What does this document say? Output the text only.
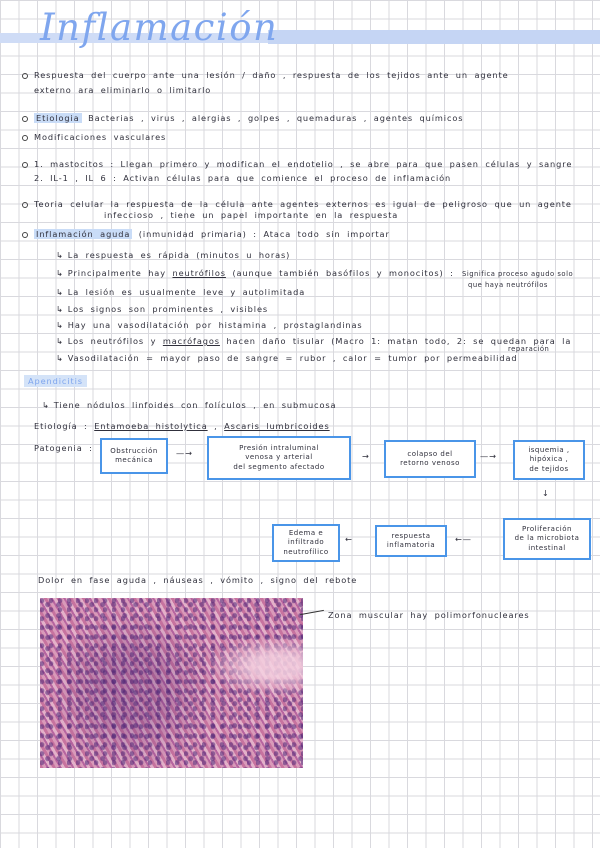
Inflamación
Respuesta del cuerpo ante una lesión / daño , respuesta de los tejidos ante un agente
externo ara eliminarlo o limitarlo
Etiologia Bacterias , virus , alergias , golpes , quemaduras , agentes químicos
Modificaciones vasculares
1. mastocitos : Llegan primero y modifican el endotelio , se abre para que pasen células y sangre
2. IL-1 , IL 6 : Activan células para que comience el proceso de inflamación
Teoria celular la respuesta de la célula ante agentes externos es igual de peligroso que un agente
infeccioso , tiene un papel importante en la respuesta
Inflamación aguda (inmunidad primaria) : Ataca todo sin importar
↳ La respuesta es rápida (minutos u horas)
↳ Principalmente hay neutrófilos (aunque también basófilos y monocitos) : Significa proceso agudo solo
que haya neutrófilos
↳ La lesión es usualmente leve y autolimitada
↳ Los signos son prominentes , visibles
↳ Hay una vasodilatación por histamina , prostaglandinas
↳ Los neutrófilos y macrófagos hacen daño tisular (Macro 1: matan todo, 2: se quedan para la
reparación
↳ Vasodilatación = mayor paso de sangre = rubor , calor = tumor por permeabilidad
Apendicitis
↳ Tiene nódulos linfoides con folículos , en submucosa
Etiología : Entamoeba histolytica , Ascaris lumbricoides
Patogenia : Obstrucción
mecánica
—→
Presión intraluminal
venosa y arterial
del segmento afectado
→	colapso del
retorno venoso
—→
isquemia ,
hipóxica ,
de tejidos
↓
Proliferación
de la microbiota
intestinal
←—
respuesta
inflamatoria
←
Edema e
infiltrado
neutrofílico
Dolor en fase aguda , náuseas , vómito , signo del rebote
Zona muscular hay polimorfonucleares
